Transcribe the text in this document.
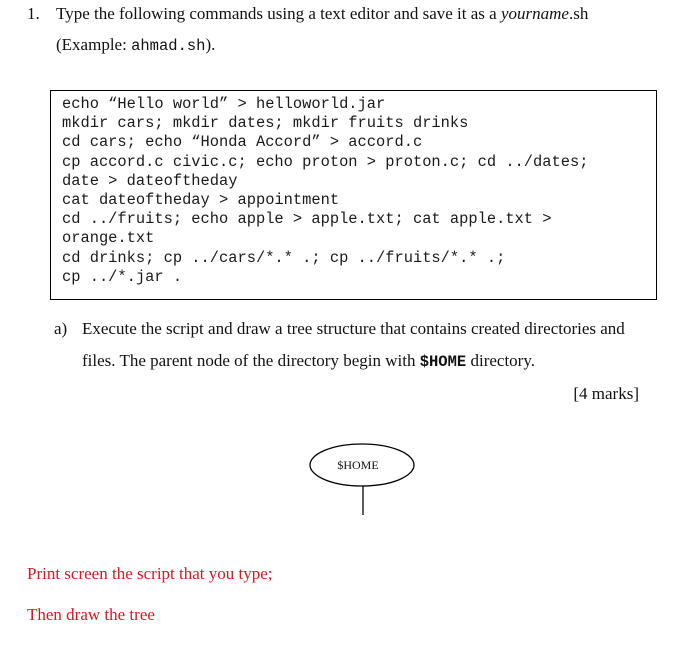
1. Type the following commands using a text editor and save it as a yourname.sh
(Example: ahmad.sh).
echo “Hello world” > helloworld.jar
mkdir cars; mkdir dates; mkdir fruits drinks
cd cars; echo “Honda Accord” > accord.c
cp accord.c civic.c; echo proton > proton.c; cd ../dates;
date > dateoftheday
cat dateoftheday > appointment
cd ../fruits; echo apple > apple.txt; cat apple.txt >
orange.txt
cd drinks; cp ../cars/*.* .; cp ../fruits/*.* .;
cp ../*.jar .
a) Execute the script and draw a tree structure that contains created directories and
files. The parent node of the directory begin with $HOME directory.
[4 marks]
$HOME
Print screen the script that you type;
Then draw the tree
